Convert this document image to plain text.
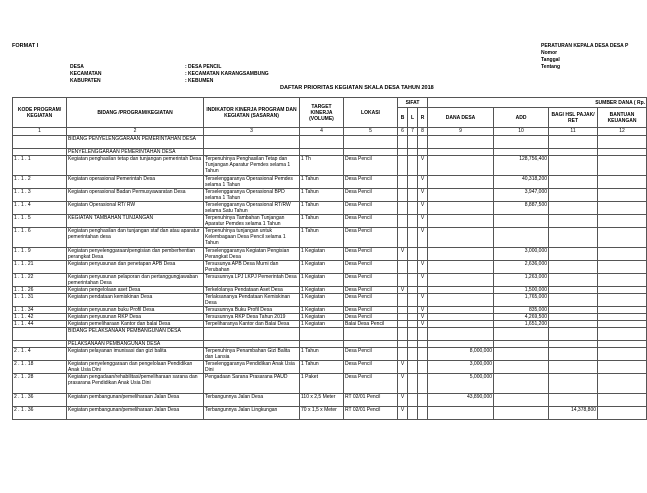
FORMAT I	PERATURAN KEPALA DESA DESA P
Nomor
Tanggal
Tentang
DESA	: DESA PENCIL
KECAMATAN	: KECAMATAN KARANGSAMBUNG
KABUPATEN	: KEBUMEN
DAFTAR PRIORITAS KEGIATAN SKALA DESA TAHUN 2018
KODE PROGRAM/ KEGIATAN	BIDANG /PROGRAM/KEGIATAN	INDIKATOR KINERJA PROGRAM DAN KEGIATAN (SASARAN)	TARGET KINERJA (VOLUME)	LOKASI	SIFAT			SUMBER DANA ( Rp.			
					B	L	R	DANA DESA	ADD	BAGI HSL PAJAK/ RET	BANTUAN KEUANGAN
1	2	3	4	5	6	7	8	9	10	11	12
	BIDANG PENYELENGGARAAN PEMERINTAHAN DESA										
	PENYELENGGARAAN PEMERINTAHAN DESA										
1 . 1 . 1	Kegiatan penghasilan tetap dan tunjangan pemerintah Desa	Terpenuhinya Penghasilan Tetap dan Tunjangan Aparatur Pemdes selama 1 Tahun	1 Th	Desa Pencil			V		128,756,400		
1 . 1 . 2	Kegiatan operasional Pemerintah Desa	Terselenggaranya Operasional Pemdes selama 1 Tahun	1 Tahun	Desa Pencil			V		40,318,200		
1 . 1 . 3	Kegiatan operasional Badan Permusyawaratan Desa	Terselenggaranya Operasional BPD selama 1 Tahun	1 Tahun	Desa Pencil			V		3,947,000		
1 . 1 . 4	Kegiatan Operasional RT/ RW	Terselenggaranya Operasional RT/RW selama Satu Tahun	1 Tahun	Desa Pencil			V		8,887,500		
1 . 1 . 5	KEGIATAN TAMBAHAN TUNJANGAN	Terpenuhinya Tambahan Tunjangan Aparatur Pemdes selama 1 Tahun	1 Tahun	Desa Pencil			V				
1 . 1 . 6	Kegiatan penghasilan dan tunjangan staf dan atau aparatur pemerintahan desa	Terpenuhinya tunjangan untuk Kelembagaan Desa Pencil selama 1 Tahun	1 Tahun	Desa Pencil			V				
1 . 1 . 9	Kegiatan penyelenggaraan/pengisian dan pemberhentian perangkat Desa	Terselenggaranya Kegiatan Pengisian Perangkat Desa	1 Kegiatan	Desa Pencil	V				3,000,000		
1 . 1 . 21	Kegiatan penyusunan dan penetapan APB Desa	Tersusunya APB Desa Murni dan Perubahan	1 Kegiatan	Desa Pencil			V		2,636,000		
1 . 1 . 22	Kegiatan penyusunan pelaporan dan pertanggungjawaban pemerintahan Desa	Tersusunnya LPJ LKPJ Pemerintah Desa	1 Kegiatan	Desa Pencil			V		1,263,000		
1 . 1 . 26	Kegiatan pengelolaan aset Desa	Terkelolanya Pendataan Aset Desa	1 Kegiatan	Desa Pencil	V				1,500,000		
1 . 1 . 31	Kegiatan pendataan kemiskinan Desa	Terlaksananya Pendataan Kemiskinan Desa	1 Kegiatan	Desa Pencil			V		1,765,000		
1 . 1 . 34	Kegiatan penyusunan buku Profil Desa	Tersusunnya Buku Profil Desa	1 Kegiatan	Desa Pencil			V		835,000		
1 . 1 . 42	Kegiatan penyusunan RKP Desa	Tersusunnya RKP Desa Tahun 2019	1 Kegiatan	Desa Pencil			V		4,269,500		
1 . 1 . 44	Kegiatan pemeliharaan Kantor dan balai Desa	Terpeliharanya Kantor dan Balai Desa	1 Kegiatan	Balai Desa Pencil			V		1,651,200		
	BIDANG PELAKSANAAN PEMBANGUNAN DESA										
	PELAKSANAAN PEMBANGUNAN DESA										
2 . 1 . 4	Kegiatan pelayanan imunisasi dan gizi balita	Terpenuhinya Penambahan Gizi Balita dan Lansia	1 Tahun	Desa Pencil				8,000,000			
2 . 1 . 18	Kegiatan penyelenggaraan dan pengelolaan Pendidikan Anak Usia Dini	Terselenggaranya Pendidikan Anak Usia Dini	1 Tahun	Desa Pencil	V			3,000,000			
2 . 1 . 28	Kegiatan pengadaan/rehabilitasi/pemeliharaan sarana dan prasarana Pendidikan Anak Usia Dini	Pengadaan Sarana Prasarana PAUD	1 Paket	Desa Pencil	V			5,000,000			
2 . 1 . 36	Kegiatan pembangunan/pemeliharaan Jalan Desa	Terbangunnya Jalan Desa	110 x 2,5 Meter	RT 02/01 Pencil	V			43,890,000			
2 . 1 . 36	Kegiatan pembangunan/pemeliharaan Jalan Desa	Terbangunnya Jalan Lingkungan	70 x 1,5 x Meter	RT 02/01 Pencil	V					14,378,800	
